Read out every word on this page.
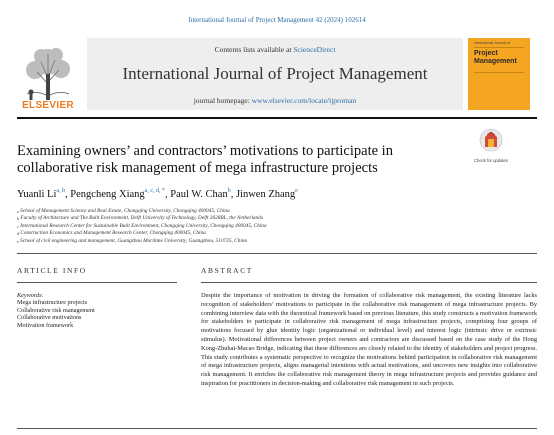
International Journal of Project Management 42 (2024) 102614
ELSEVIER
Contents lists available at ScienceDirect
International Journal of Project Management
journal homepage: www.elsevier.com/locate/ijproman
International Journal of
Project Management
Check for updates
Examining owners’ and contractors’ motivations to participate in collaborative risk management of mega infrastructure projects
Yuanli Li$^{a, b}$, Pengcheng Xiang$^{a, c, d, *}$, Paul W. Chan$^b$, Jinwen Zhang$^e$
$^a$ School of Management Science and Real Estate, Chongqing University, Chongqing 400045, China
$^b$ Faculty of Architecture and The Built Environment, Delft University of Technology, Delft 2628BL, the Netherlands
$^c$ International Research Center for Sustainable Built Environment, Chongqing University, Chongqing 400045, China
$^d$ Construction Economics and Management Research Center, Chongqing 400045, China
$^e$ School of civil engineering and management, Guangzhou Maritime University, Guangzhou, 510725, China
ARTICLE INFO	ABSTRACT
Keywords:
Mega infrastructure projects
Collaborative risk management
Collaborative motivations
Motivation framework
Despite the importance of motivation in driving the formation of collaborative risk management, the existing literature lacks recognition of stakeholders’ motivations to participate in the collaborative risk management of mega infrastructure projects. By combining interview data with the theoretical framework based on previous literature, this study constructs a motivation framework for stakeholders to participate in collaborative risk management of mega infrastructure projects, comprising four groups of motivations focused by glue identity logic (organizational or individual level) and interest logic (intrinsic drive or extrinsic stimulus). Motivational differences between project owners and contractors are discussed based on the case study of the Hong Kong-Zhuhai-Macao Bridge, indicating that these differences are closely related to the identity of stakeholders and project progress. This study contributes a systematic perspective to recognize the motivations behind participation in collaborative risk management of mega infrastructure projects, aligns managerial intentions with actual motivations, and uncovers new insights into collaborative risk management. It enriches the collaborative risk management theory in mega infrastructure projects and provides guidance and inspiration for practitioners in decision-making and collaborative risk management in such projects.
